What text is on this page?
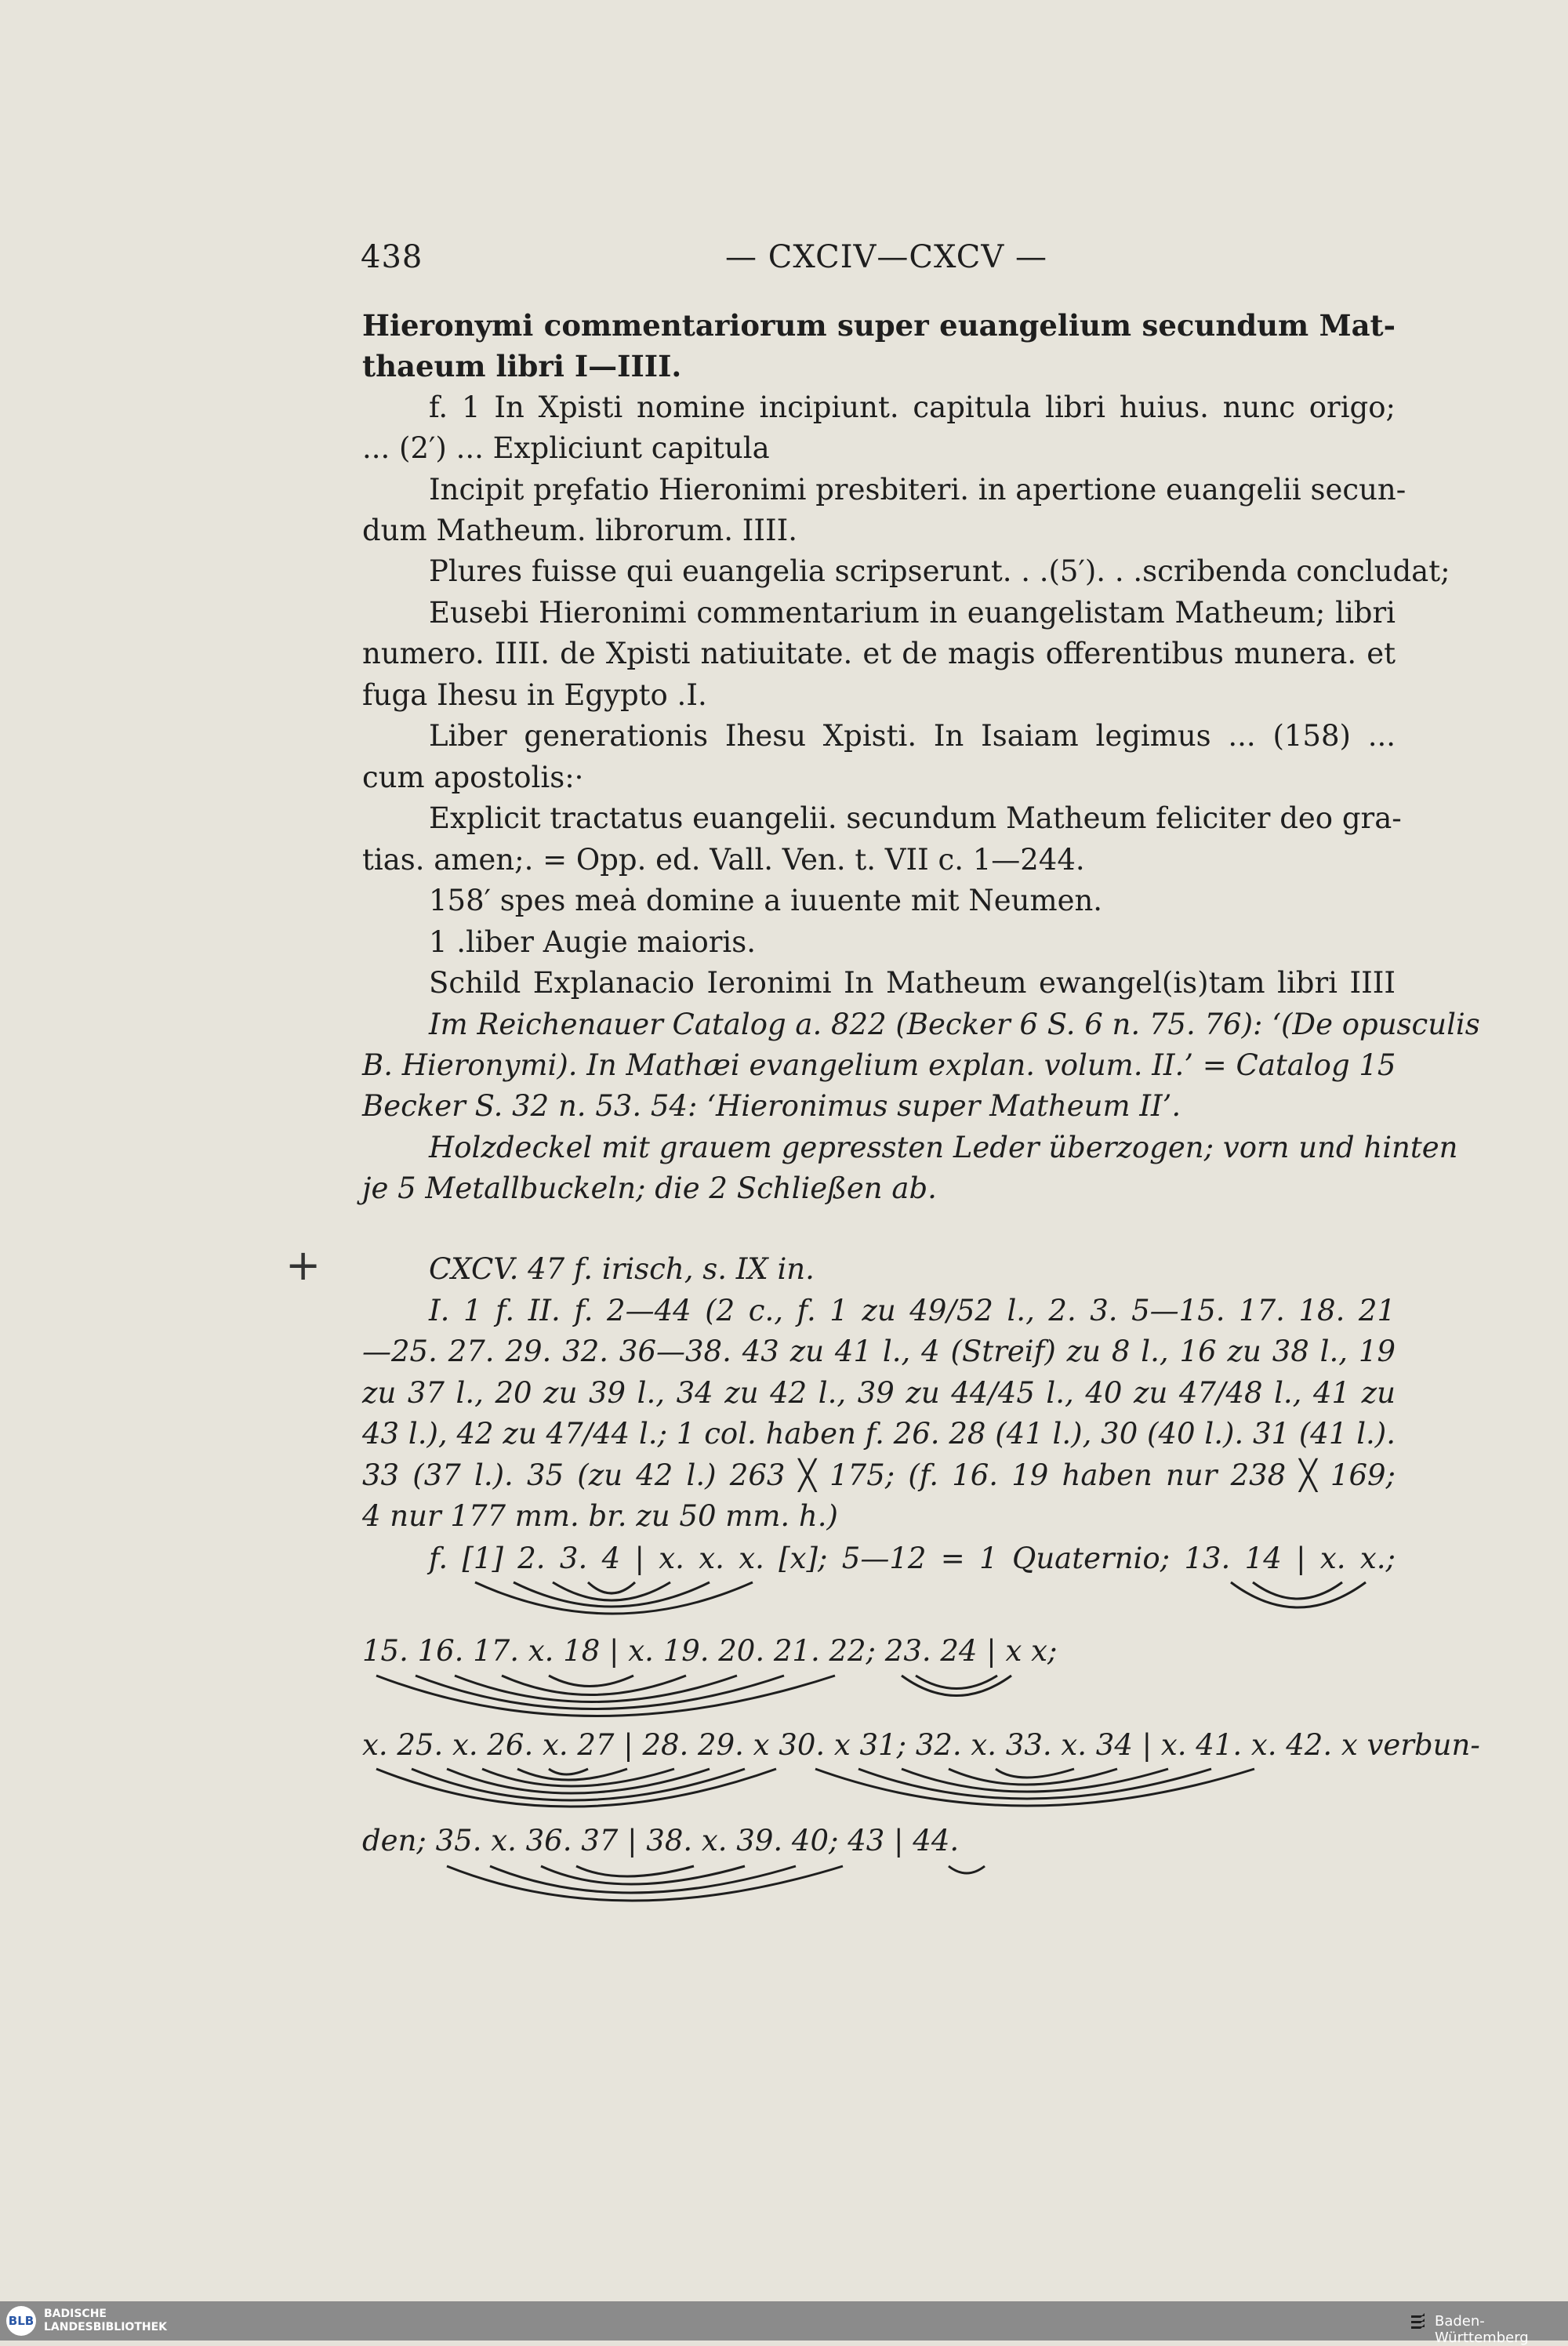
438	— CXCIV—CXCV —
Hieronymi commentariorum super euangelium secundum Mat-
thaeum libri I—IIII.
f. 1 In Xpisti nomine incipiunt. capitula libri huius. nunc origo;
... (2′) ... Expliciunt capitula
Incipit prȩfatio Hieronimi presbiteri. in apertione euangelii secun-
dum Matheum. librorum. IIII.
Plures fuisse qui euangelia scripserunt. . .(5′). . .scribenda concludat;
Eusebi Hieronimi commentarium in euangelistam Matheum; libri
numero. IIII. de Xpisti natiuitate. et de magis offerentibus munera. et
fuga Ihesu in Egypto .I.
Liber generationis Ihesu Xpisti. In Isaiam legimus ... (158) ...
cum apostolis:·
Explicit tractatus euangelii. secundum Matheum feliciter deo gra-
tias. amen;. = Opp. ed. Vall. Ven. t. VII c. 1—244.
158′ spes meȧ domine a iuuente mit Neumen.
1 .liber Augie maioris.
Schild Explanacio Ieronimi In Matheum ewangel(is)tam libri IIII
Im Reichenauer Catalog a. 822 (Becker 6 S. 6 n. 75. 76): ‘(De opusculis
B. Hieronymi). In Mathæi evangelium explan. volum. II.’ = Catalog 15
Becker S. 32 n. 53. 54: ‘Hieronimus super Matheum II’.
Holzdeckel mit grauem gepressten Leder überzogen; vorn und hinten
je 5 Metallbuckeln; die 2 Schließen ab.
+	CXCV. 47 f. irisch, s. IX in.
I. 1 f. II. f. 2—44 (2 c., f. 1 zu 49/52 l., 2. 3. 5—15. 17. 18. 21
—25. 27. 29. 32. 36—38. 43 zu 41 l., 4 (Streif) zu 8 l., 16 zu 38 l., 19
zu 37 l., 20 zu 39 l., 34 zu 42 l., 39 zu 44/45 l., 40 zu 47/48 l., 41 zu
43 l.), 42 zu 47/44 l.; 1 col. haben f. 26. 28 (41 l.), 30 (40 l.). 31 (41 l.).
33 (37 l.). 35 (zu 42 l.) 263 ╳ 175; (f. 16. 19 haben nur 238 ╳ 169;
4 nur 177 mm. br. zu 50 mm. h.)
f. [1] 2. 3. 4 | x. x. x. [x]; 5—12 = 1 Quaternio; 13. 14 | x. x.;
15. 16. 17. x. 18 | x. 19. 20. 21. 22; 23. 24 | x x;
x. 25. x. 26. x. 27 | 28. 29. x 30. x 31; 32. x. 33. x. 34 | x. 41. x. 42. x verbun-
den; 35. x. 36. 37 | 38. x. 39. 40; 43 | 44.
BLB BADISCHE
LANDESBIBLIOTHEK	Baden-Württemberg
